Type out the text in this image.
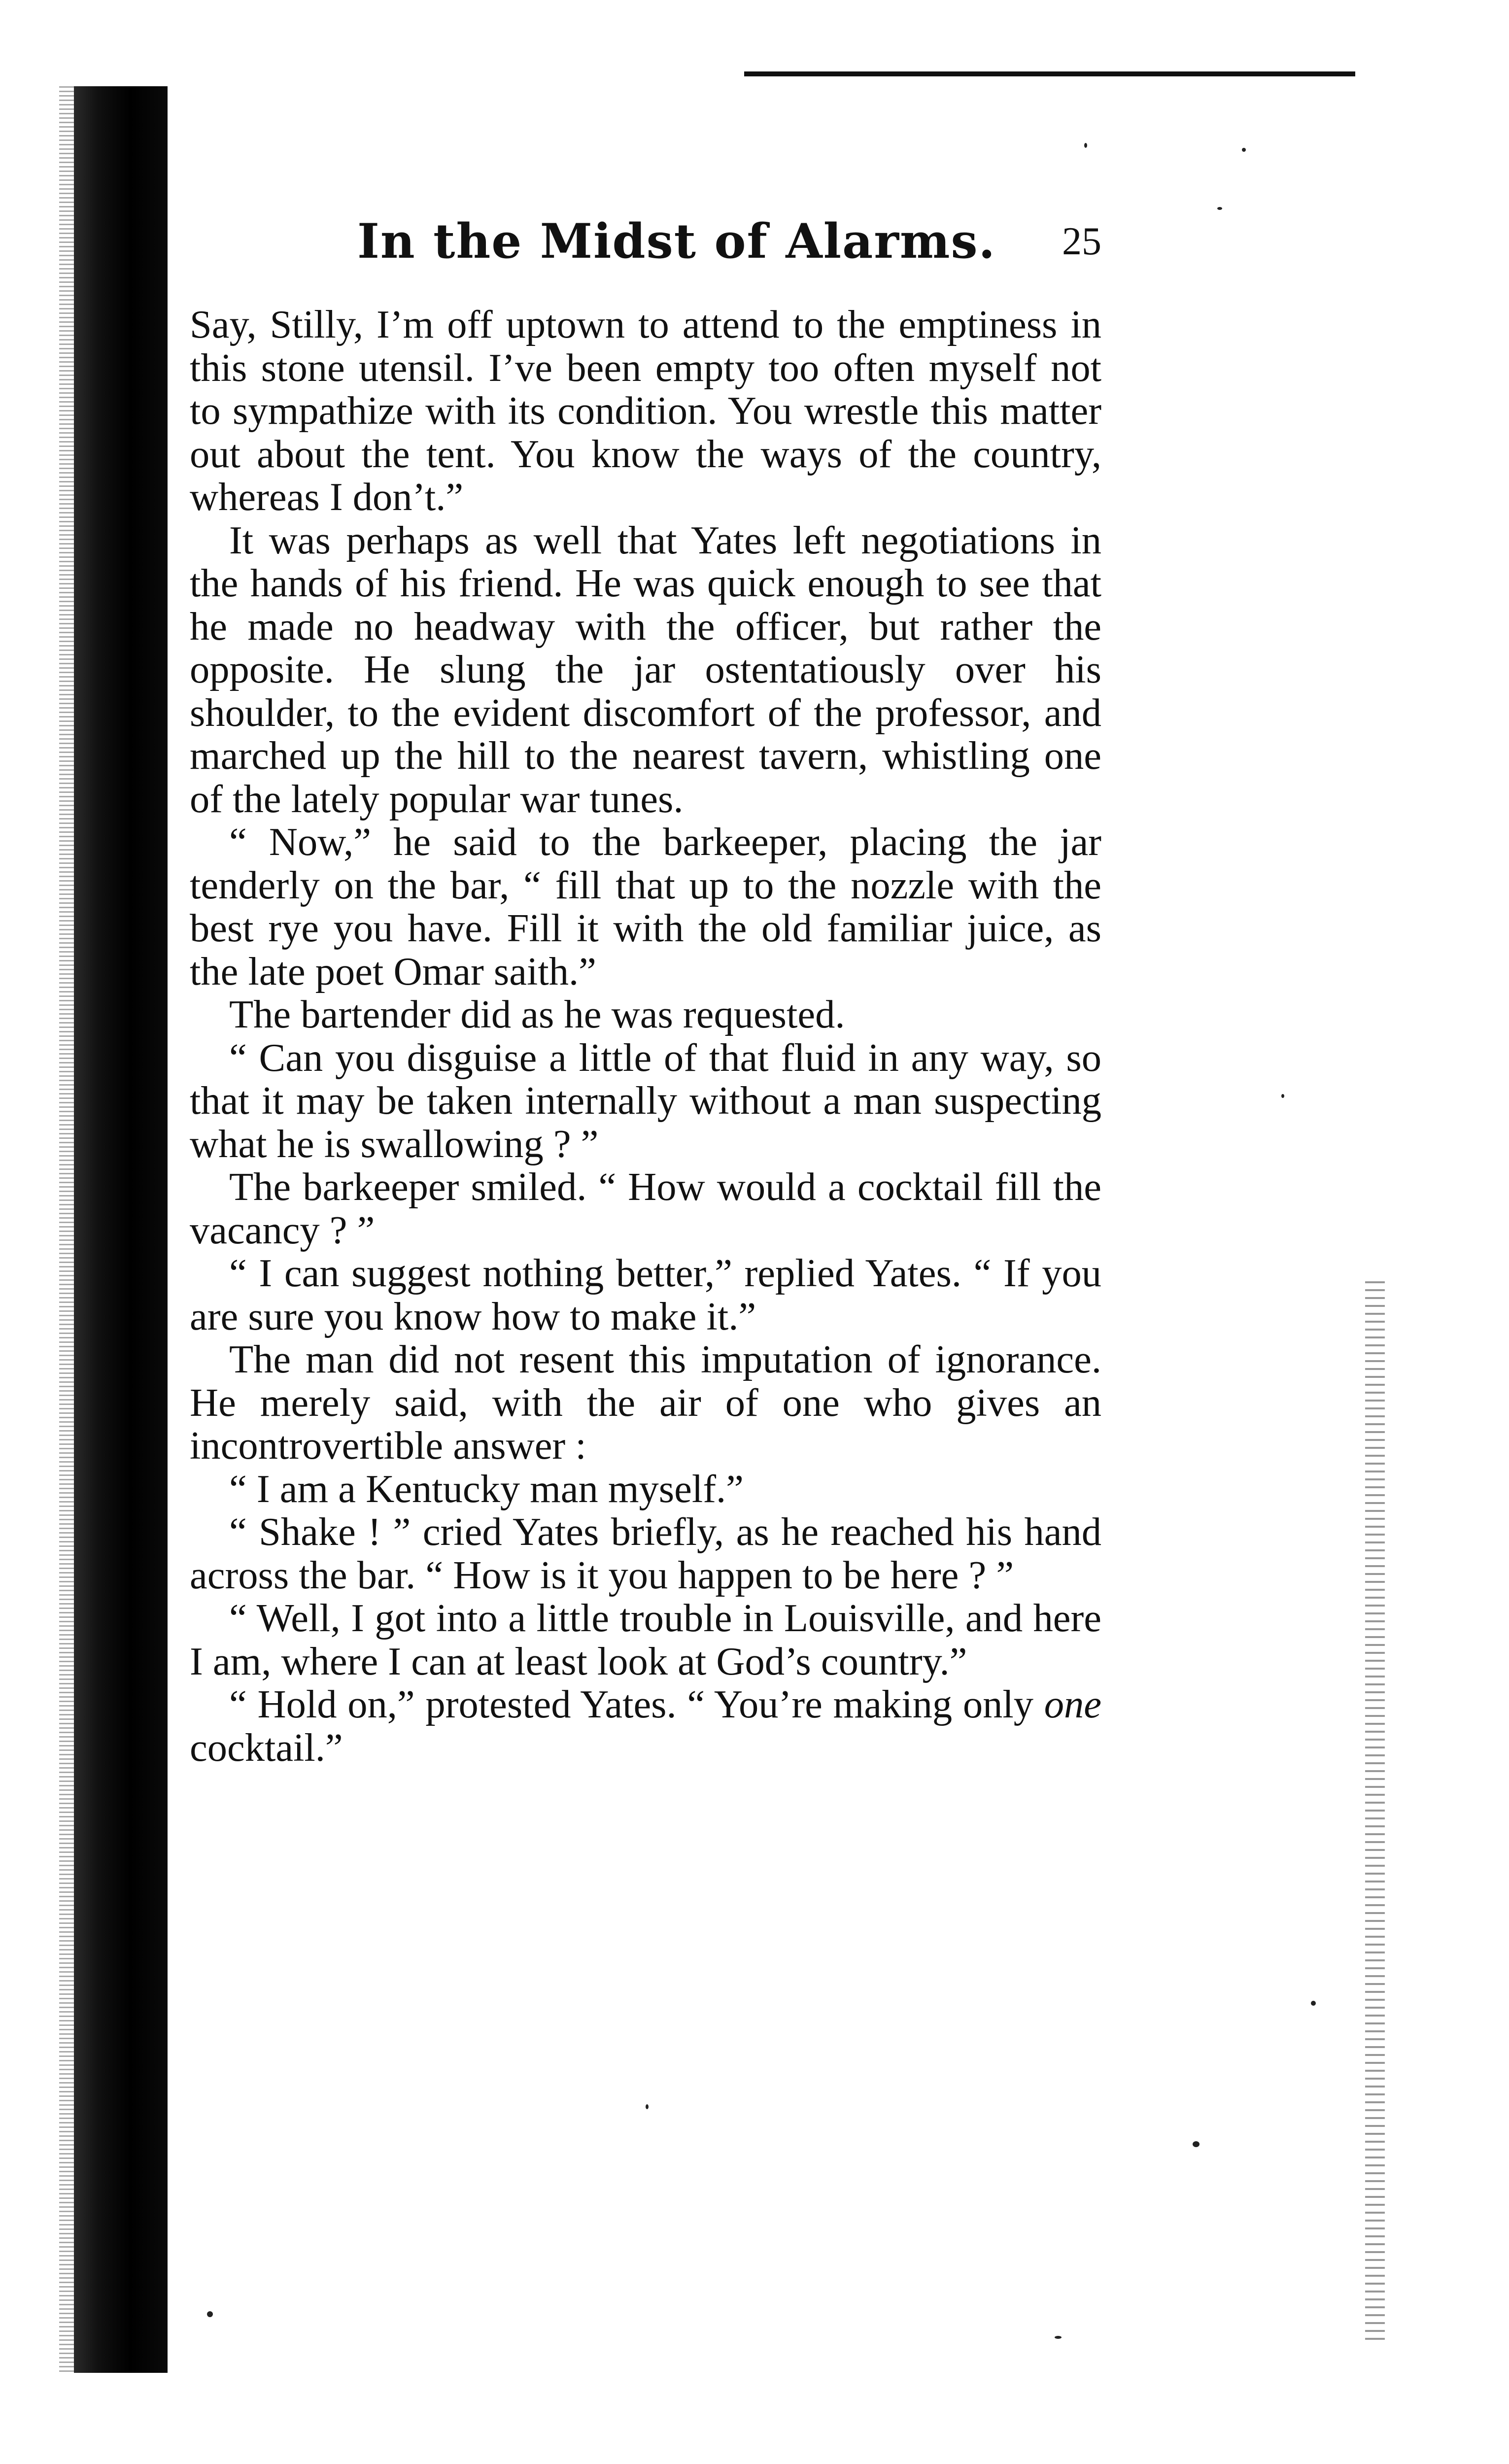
In the Midst of Alarms. 25

Say, Stilly, I’m off uptown to attend to the emptiness in this stone utensil. I’ve been empty too often myself not to sympathize with its condition. You wrestle this matter out about the tent. You know the ways of the country, whereas I don’t.”

It was perhaps as well that Yates left negotiations in the hands of his friend. He was quick enough to see that he made no headway with the officer, but rather the opposite. He slung the jar ostentatiously over his shoulder, to the evident discomfort of the professor, and marched up the hill to the nearest tavern, whistling one of the lately popular war tunes.

“ Now,” he said to the barkeeper, placing the jar tenderly on the bar, “ fill that up to the nozzle with the best rye you have. Fill it with the old familiar juice, as the late poet Omar saith.”

The bartender did as he was requested.

“ Can you disguise a little of that fluid in any way, so that it may be taken internally without a man suspecting what he is swallowing ? ”

The barkeeper smiled. “ How would a cocktail fill the vacancy ? ”

“ I can suggest nothing better,” replied Yates. “ If you are sure you know how to make it.”

The man did not resent this imputation of ignorance. He merely said, with the air of one who gives an incontrovertible answer :

“ I am a Kentucky man myself.”

“ Shake ! ” cried Yates briefly, as he reached his hand across the bar. “ How is it you happen to be here ? ”

“ Well, I got into a little trouble in Louisville, and here I am, where I can at least look at God’s country.”

“ Hold on,” protested Yates. “ You’re making only one cocktail.”
